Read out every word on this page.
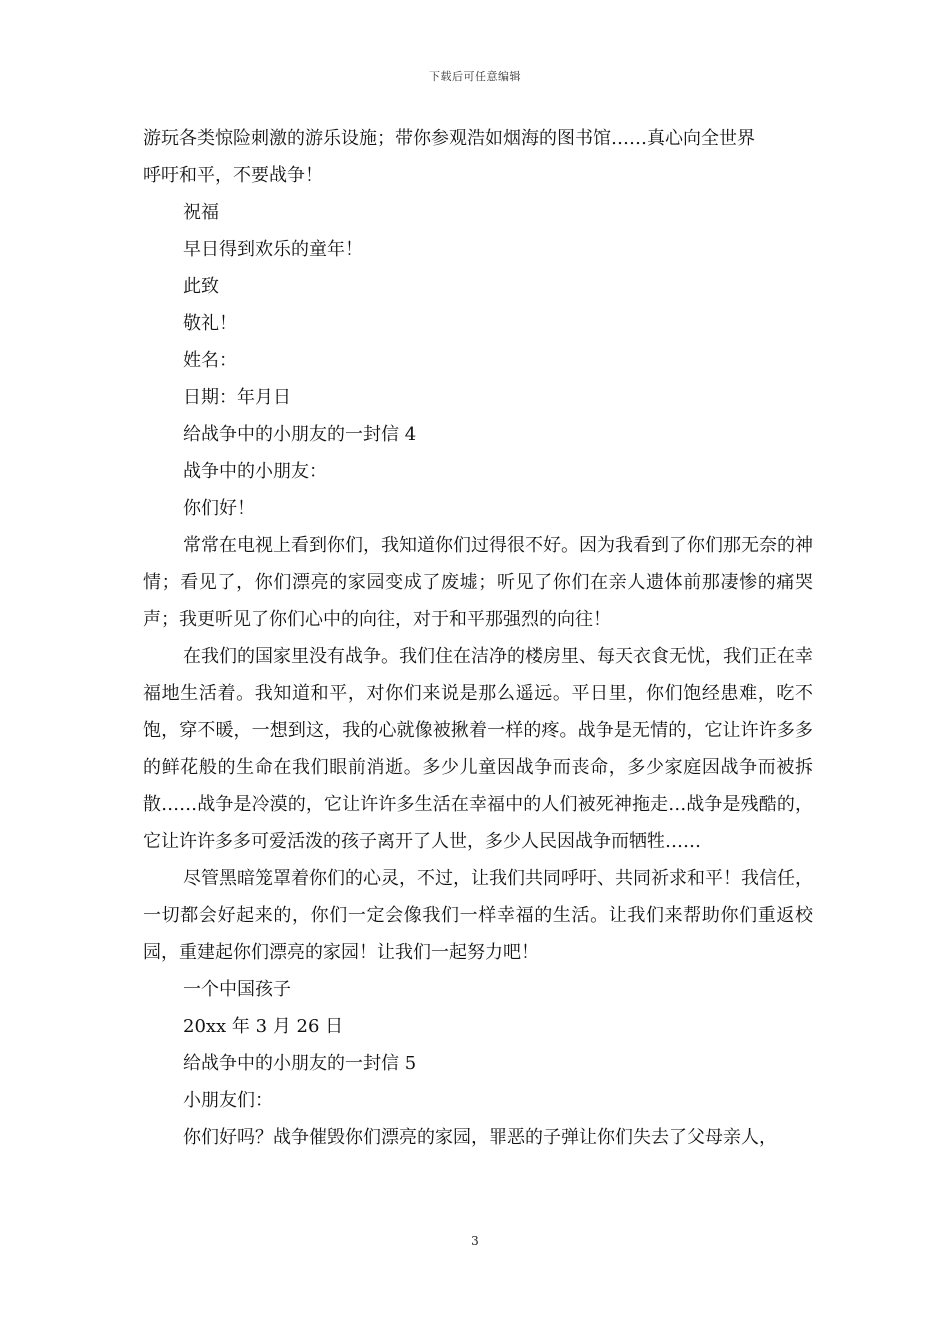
下载后可任意编辑

游玩各类惊险刺激的游乐设施；带你参观浩如烟海的图书馆……真心向全世界

呼吁和平，不要战争！

祝福

早日得到欢乐的童年！

此致

敬礼！

姓名：

日期：年月日

给战争中的小朋友的一封信 4

战争中的小朋友：

你们好！

常常在电视上看到你们，我知道你们过得很不好。因为我看到了你们那无奈的神情；看见了，你们漂亮的家园变成了废墟；听见了你们在亲人遗体前那凄惨的痛哭声；我更听见了你们心中的向往，对于和平那强烈的向往！

在我们的国家里没有战争。我们住在洁净的楼房里、每天衣食无忧，我们正在幸福地生活着。我知道和平，对你们来说是那么遥远。平日里，你们饱经患难，吃不饱，穿不暖，一想到这，我的心就像被揪着一样的疼。战争是无情的，它让许许多多的鲜花般的生命在我们眼前消逝。多少儿童因战争而丧命，多少家庭因战争而被拆散……战争是冷漠的，它让许许多生活在幸福中的人们被死神拖走…战争是残酷的，它让许许多多可爱活泼的孩子离开了人世，多少人民因战争而牺牲……

尽管黑暗笼罩着你们的心灵，不过，让我们共同呼吁、共同祈求和平！我信任，一切都会好起来的，你们一定会像我们一样幸福的生活。让我们来帮助你们重返校园，重建起你们漂亮的家园！让我们一起努力吧！

一个中国孩子

20xx 年 3 月 26 日

给战争中的小朋友的一封信 5

小朋友们：

你们好吗？战争催毁你们漂亮的家园，罪恶的子弹让你们失去了父母亲人，

3
